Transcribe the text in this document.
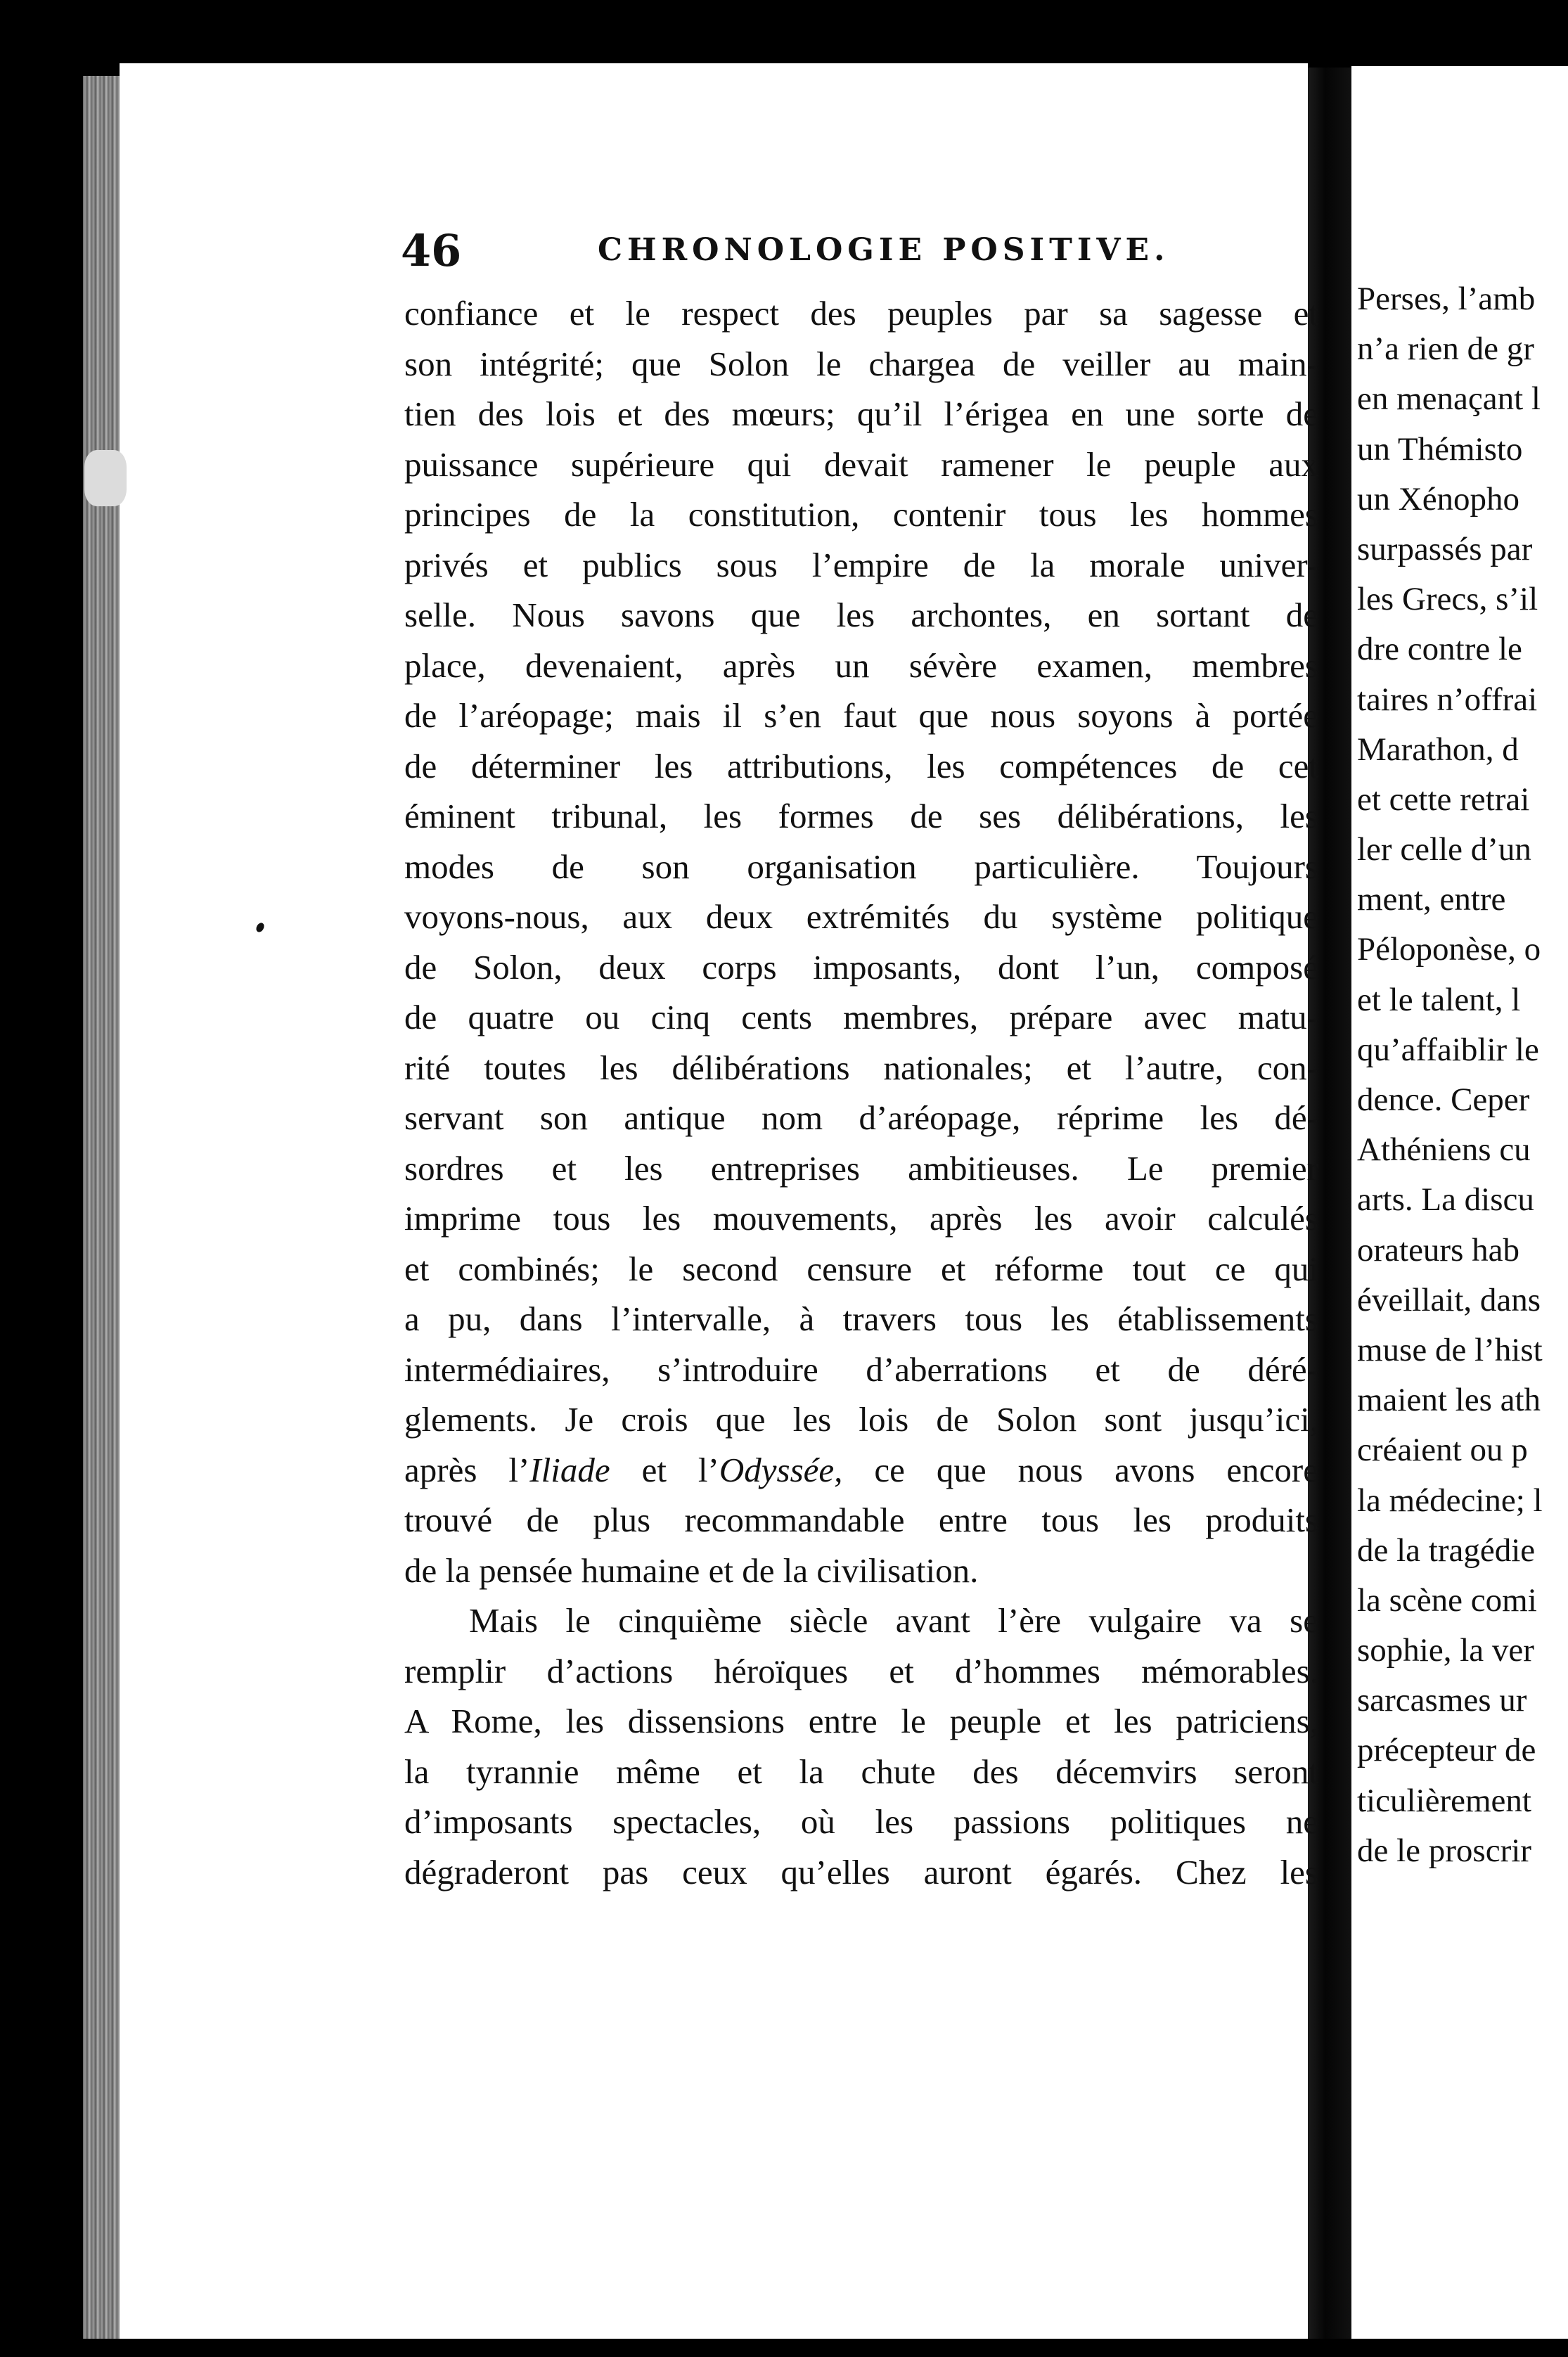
46	CHRONOLOGIE POSITIVE.
confiance et le respect des peuples par sa sagesse et
son intégrité; que Solon le chargea de veiller au main-
tien des lois et des mœurs; qu’il l’érigea en une sorte de
puissance supérieure qui devait ramener le peuple aux
principes de la constitution, contenir tous les hommes
privés et publics sous l’empire de la morale univer-
selle. Nous savons que les archontes, en sortant de
place, devenaient, après un sévère examen, membres
de l’aréopage; mais il s’en faut que nous soyons à portée
de déterminer les attributions, les compétences de cet
éminent tribunal, les formes de ses délibérations, les
modes de son organisation particulière. Toujours
voyons-nous, aux deux extrémités du système politique
de Solon, deux corps imposants, dont l’un, composé
de quatre ou cinq cents membres, prépare avec matu-
rité toutes les délibérations nationales; et l’autre, con-
servant son antique nom d’aréopage, réprime les dé-
sordres et les entreprises ambitieuses. Le premier
imprime tous les mouvements, après les avoir calculés
et combinés; le second censure et réforme tout ce qui
a pu, dans l’intervalle, à travers tous les établissements
intermédiaires, s’introduire d’aberrations et de déré-
glements. Je crois que les lois de Solon sont jusqu’ici,
après l’Iliade et l’Odyssée, ce que nous avons encore
trouvé de plus recommandable entre tous les produits
de la pensée humaine et de la civilisation.
Mais le cinquième siècle avant l’ère vulgaire va se
remplir d’actions héroïques et d’hommes mémorables.
A Rome, les dissensions entre le peuple et les patriciens,
la tyrannie même et la chute des décemvirs seront
d’imposants spectacles, où les passions politiques ne
dégraderont pas ceux qu’elles auront égarés. Chez les
Perses, l’amb
n’a rien de gr
en menaçant l
un Thémisto
un Xénopho
surpassés par
les Grecs, s’il
dre contre le
taires n’offrai
Marathon, d
et cette retrai
ler celle d’un
ment, entre
Péloponèse, o
et le talent, l
qu’affaiblir le
dence. Ceper
Athéniens cu
arts. La discu
orateurs hab
éveillait, dans
muse de l’hist
maient les ath
créaient ou p
la médecine; l
de la tragédie
la scène comi
sophie, la ver
sarcasmes ur
précepteur de
ticulièrement
de le proscrir
